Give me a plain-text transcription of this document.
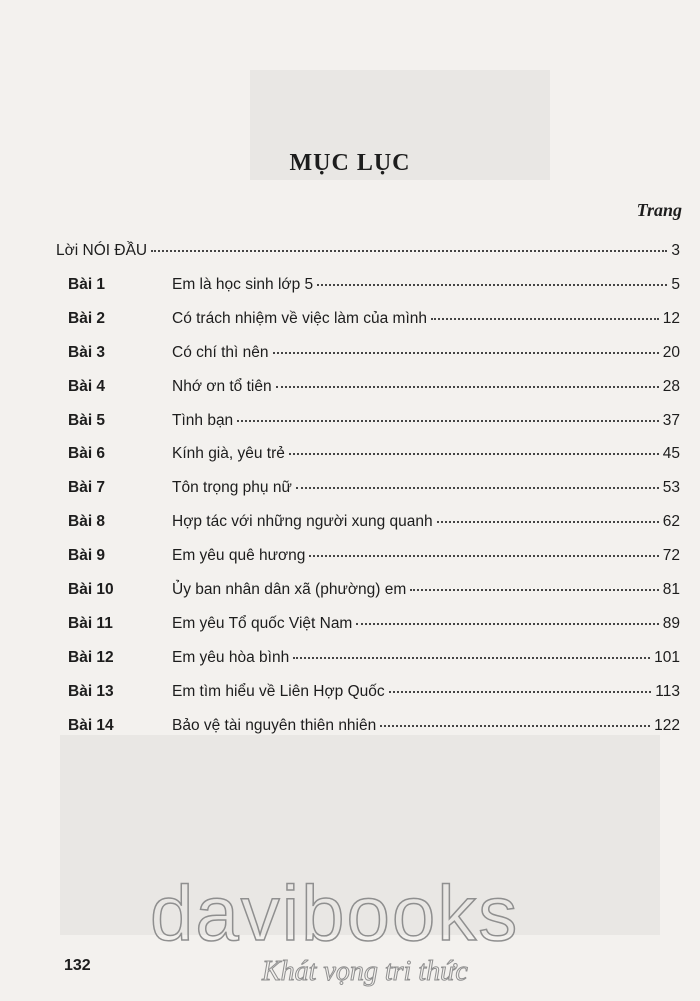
MỤC LỤC
Trang
Lời NÓI ĐẦU	3
Bài 1	Em là học sinh lớp 5	5
Bài 2	Có trách nhiệm về việc làm của mình	12
Bài 3	Có chí thì nên	20
Bài 4	Nhớ ơn tổ tiên	28
Bài 5	Tình bạn	37
Bài 6	Kính già, yêu trẻ	45
Bài 7	Tôn trọng phụ nữ	53
Bài 8	Hợp tác với những người xung quanh	62
Bài 9	Em yêu quê hương	72
Bài 10	Ủy ban nhân dân xã (phường) em	81
Bài 11	Em yêu Tổ quốc Việt Nam	89
Bài 12	Em yêu hòa bình	101
Bài 13	Em tìm hiểu về Liên Hợp Quốc	113
Bài 14	Bảo vệ tài nguyên thiên nhiên	122
132
davibooks
Khát vọng tri thức
